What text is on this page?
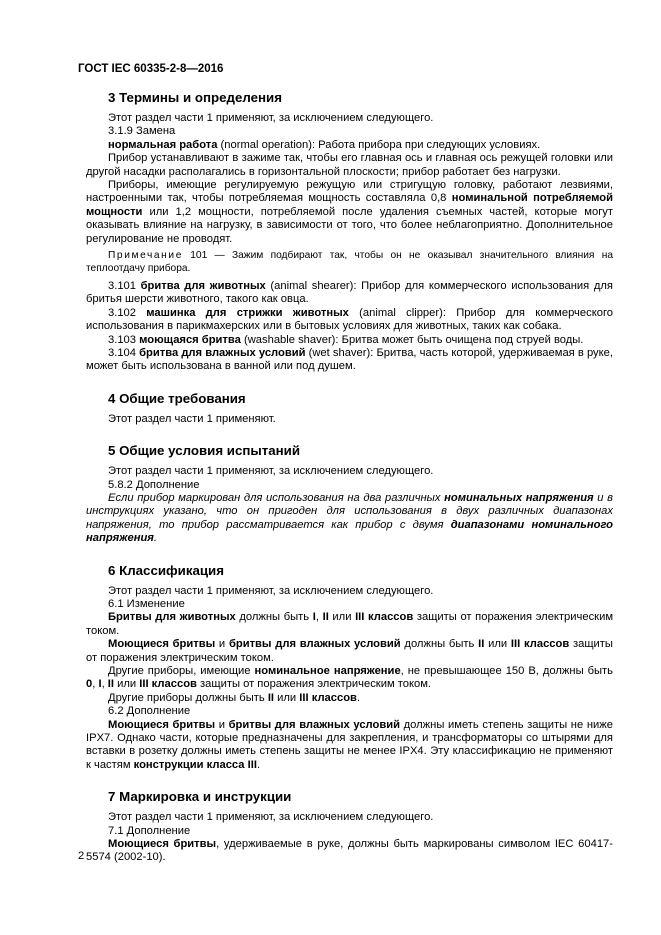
ГОСТ IEC 60335-2-8—2016
3 Термины и определения

Этот раздел части 1 применяют, за исключением следующего.

3.1.9 Замена

нормальная работа (normal operation): Работа прибора при следующих условиях.

Прибор устанавливают в зажиме так, чтобы его главная ось и главная ось режущей головки или другой насадки располагались в горизонтальной плоскости; прибор работает без нагрузки.

Приборы, имеющие регулируемую режущую или стригущую головку, работают лезвиями, настроенными так, чтобы потребляемая мощность составляла 0,8 номинальной потребляемой мощности или 1,2 мощности, потребляемой после удаления съемных частей, которые могут оказывать влияние на нагрузку, в зависимости от того, что более неблагоприятно. Дополнительное регулирование не проводят.

Примечание 101 — Зажим подбирают так, чтобы он не оказывал значительного влияния на теплоотдачу прибора.

3.101 бритва для животных (animal shearer): Прибор для коммерческого использования для бритья шерсти животного, такого как овца.

3.102 машинка для стрижки животных (animal clipper): Прибор для коммерческого использования в парикмахерских или в бытовых условиях для животных, таких как собака.

3.103 моющаяся бритва (washable shaver): Бритва может быть очищена под струей воды.

3.104 бритва для влажных условий (wet shaver): Бритва, часть которой, удерживаемая в руке, может быть использована в ванной или под душем.

4 Общие требования

Этот раздел части 1 применяют.

5 Общие условия испытаний

Этот раздел части 1 применяют, за исключением следующего.

5.8.2 Дополнение

Если прибор маркирован для использования на два различных номинальных напряжения и в инструкциях указано, что он пригоден для использования в двух различных диапазонах напряжения, то прибор рассматривается как прибор с двумя диапазонами номинального напряжения.

6 Классификация

Этот раздел части 1 применяют, за исключением следующего.

6.1 Изменение

Бритвы для животных должны быть I, II или III классов защиты от поражения электрическим током.

Моющиеся бритвы и бритвы для влажных условий должны быть II или III классов защиты от поражения электрическим током.

Другие приборы, имеющие номинальное напряжение, не превышающее 150 В, должны быть 0, I, II или III классов защиты от поражения электрическим током.

Другие приборы должны быть II или III классов.

6.2 Дополнение

Моющиеся бритвы и бритвы для влажных условий должны иметь степень защиты не ниже IPX7. Однако части, которые предназначены для закрепления, и трансформаторы со штырями для вставки в розетку должны иметь степень защиты не менее IPX4. Эту классификацию не применяют к частям конструкции класса III.

7 Маркировка и инструкции

Этот раздел части 1 применяют, за исключением следующего.

7.1 Дополнение

Моющиеся бритвы, удерживаемые в руке, должны быть маркированы символом IEC 60417-5574 (2002-10).

2
